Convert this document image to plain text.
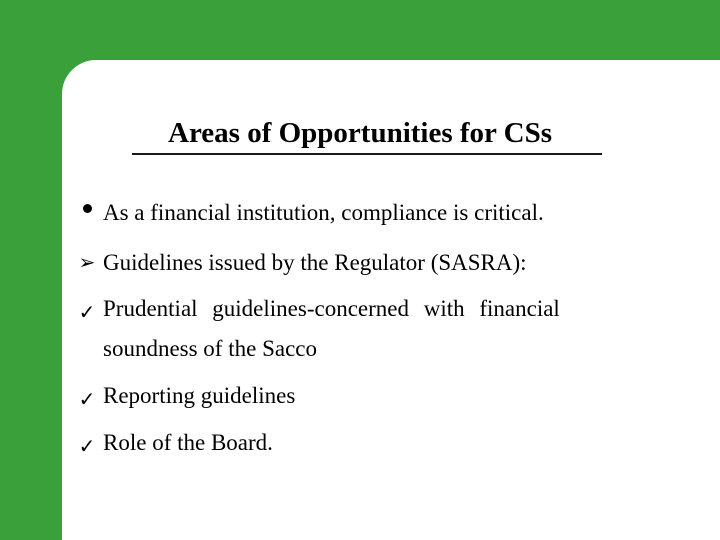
Areas of Opportunities for CSs
As a financial institution, compliance is critical.
➢ Guidelines issued by the Regulator (SASRA):
✓ Prudential guidelines-concerned with financial
soundness of the Sacco
✓ Reporting guidelines
✓ Role of the Board.
